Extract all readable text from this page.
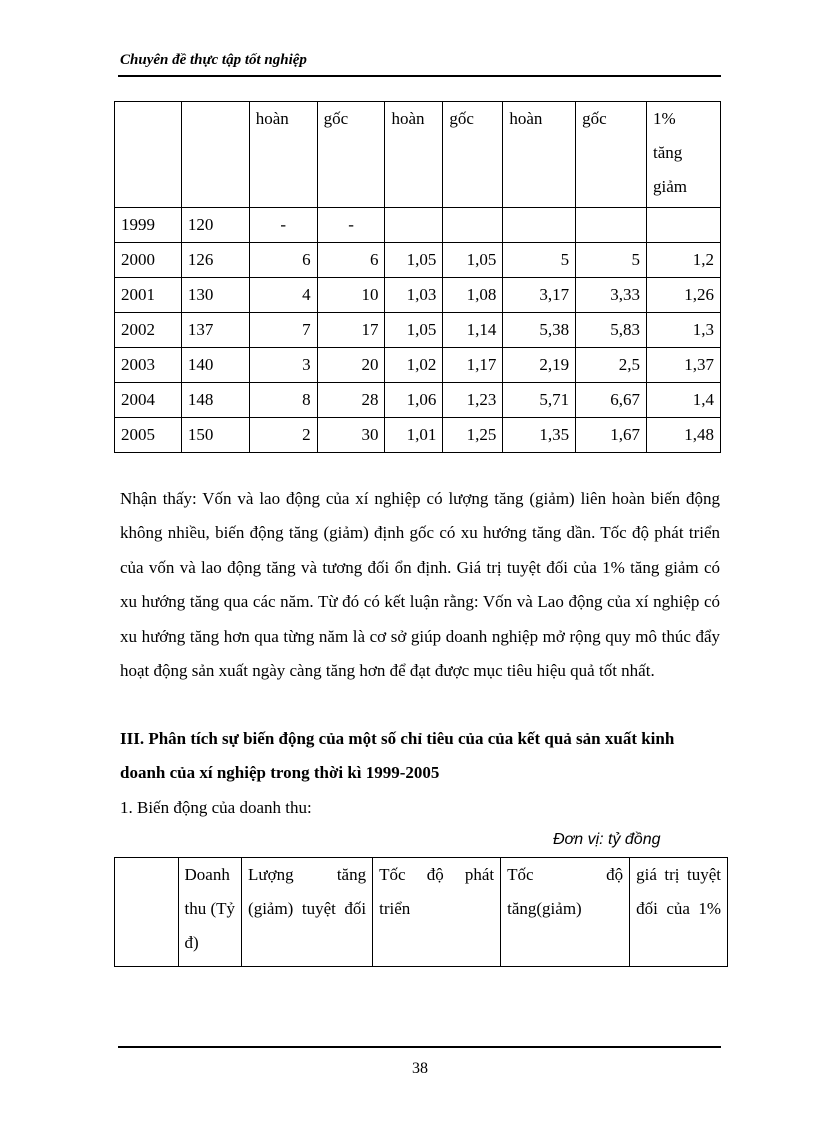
Chuyên đề thực tập tốt nghiệp
		hoàn	gốc	hoàn	gốc	hoàn	gốc	1% tăng giảm
1999	120	-	-					
2000	126	6	6	1,05	1,05	5	5	1,2
2001	130	4	10	1,03	1,08	3,17	3,33	1,26
2002	137	7	17	1,05	1,14	5,38	5,83	1,3
2003	140	3	20	1,02	1,17	2,19	2,5	1,37
2004	148	8	28	1,06	1,23	5,71	6,67	1,4
2005	150	2	30	1,01	1,25	1,35	1,67	1,48

Nhận thấy: Vốn và lao động của xí nghiệp có lượng tăng (giảm) liên hoàn biến động không nhiều, biến động tăng (giảm) định gốc có xu hướng tăng dần. Tốc độ phát triển của vốn và lao động tăng và tương đối ổn định. Giá trị tuyệt đối của 1% tăng giảm có xu hướng tăng qua các năm. Từ đó có kết luận rằng: Vốn và Lao động của xí nghiệp có xu hướng tăng hơn qua từng năm là cơ sở giúp doanh nghiệp mở rộng quy mô thúc đẩy hoạt động sản xuất ngày càng tăng hơn để đạt được mục tiêu hiệu quả tốt nhất.

III. Phân tích sự biến động của một số chỉ tiêu của của kết quả sản xuất kinh doanh của xí nghiệp trong thời kì 1999-2005
1. Biến động của doanh thu:
Đơn vị: tỷ đồng
	Doanh thu (Tỷ đ)	Lượng tăng (giảm) tuyệt đối	Tốc độ phát triển	Tốc độ tăng(giảm)	giá trị tuyệt đối của 1%
38
